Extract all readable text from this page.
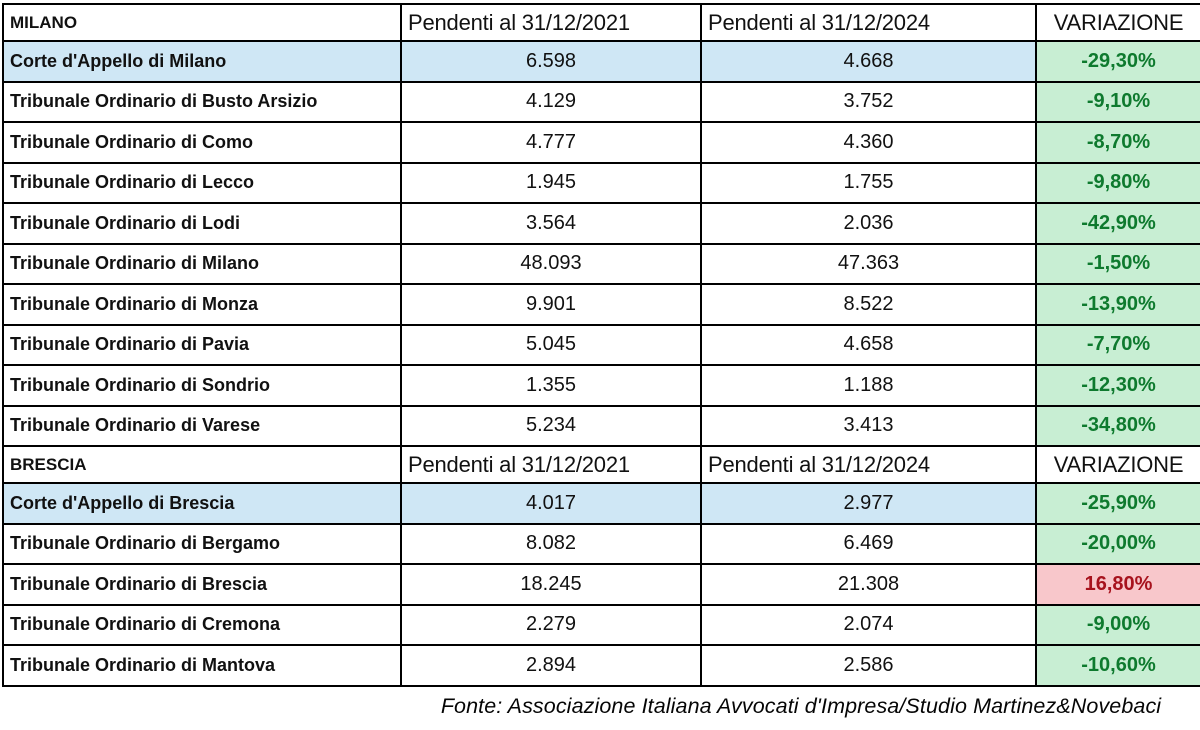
MILANO	Pendenti al 31/12/2021	Pendenti al 31/12/2024	VARIAZIONE
Corte d'Appello di Milano	6.598	4.668	-29,30%
Tribunale Ordinario di Busto Arsizio	4.129	3.752	-9,10%
Tribunale Ordinario di Como	4.777	4.360	-8,70%
Tribunale Ordinario di Lecco	1.945	1.755	-9,80%
Tribunale Ordinario di Lodi	3.564	2.036	-42,90%
Tribunale Ordinario di Milano	48.093	47.363	-1,50%
Tribunale Ordinario di Monza	9.901	8.522	-13,90%
Tribunale Ordinario di Pavia	5.045	4.658	-7,70%
Tribunale Ordinario di Sondrio	1.355	1.188	-12,30%
Tribunale Ordinario di Varese	5.234	3.413	-34,80%
BRESCIA	Pendenti al 31/12/2021	Pendenti al 31/12/2024	VARIAZIONE
Corte d'Appello di Brescia	4.017	2.977	-25,90%
Tribunale Ordinario di Bergamo	8.082	6.469	-20,00%
Tribunale Ordinario di Brescia	18.245	21.308	16,80%
Tribunale Ordinario di Cremona	2.279	2.074	-9,00%
Tribunale Ordinario di Mantova	2.894	2.586	-10,60%
	Fonte: Associazione Italiana Avvocati d'Impresa/Studio Martinez&Novebaci		
